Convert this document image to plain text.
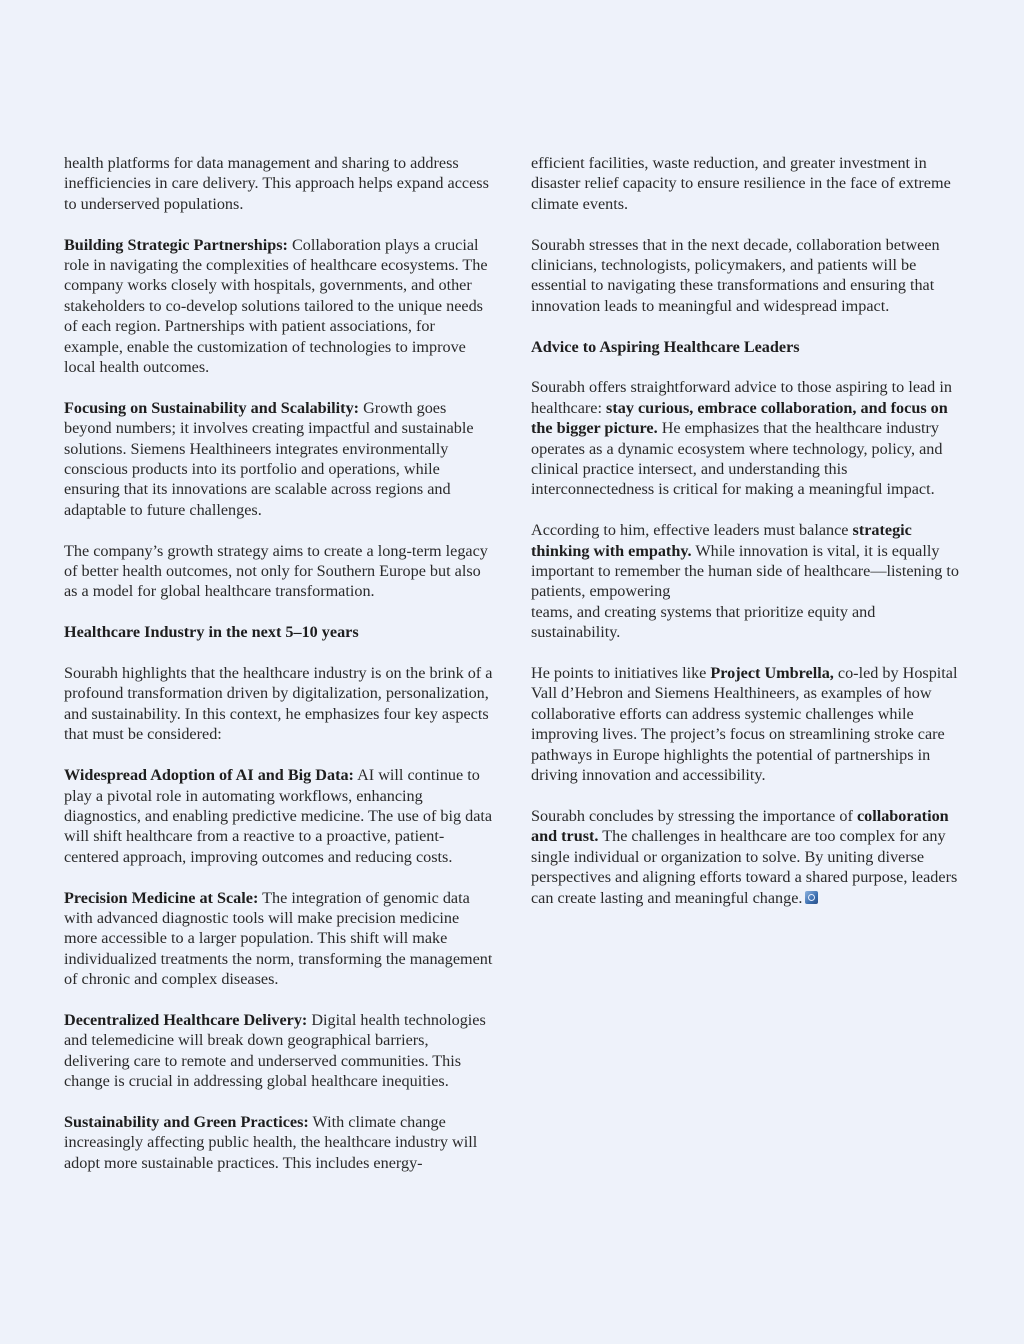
health platforms for data management and sharing to address inefficiencies in care delivery. This approach helps expand access to underserved populations.

Building Strategic Partnerships: Collaboration plays a crucial role in navigating the complexities of healthcare ecosystems. The company works closely with hospitals, governments, and other stakeholders to co-develop solutions tailored to the unique needs of each region. Partnerships with patient associations, for example, enable the customization of technologies to improve local health outcomes.

Focusing on Sustainability and Scalability: Growth goes beyond numbers; it involves creating impactful and sustainable solutions. Siemens Healthineers integrates environmentally conscious products into its portfolio and operations, while ensuring that its innovations are scalable across regions and adaptable to future challenges.

The company’s growth strategy aims to create a long-term legacy of better health outcomes, not only for Southern Europe but also as a model for global healthcare transformation.

Healthcare Industry in the next 5–10 years

Sourabh highlights that the healthcare industry is on the brink of a profound transformation driven by digitalization, personalization, and sustainability. In this context, he emphasizes four key aspects that must be considered:

Widespread Adoption of AI and Big Data: AI will continue to play a pivotal role in automating workflows, enhancing diagnostics, and enabling predictive medicine. The use of big data will shift healthcare from a reactive to a proactive, patient-centered approach, improving outcomes and reducing costs.

Precision Medicine at Scale: The integration of genomic data with advanced diagnostic tools will make precision medicine more accessible to a larger population. This shift will make individualized treatments the norm, transforming the management of chronic and complex diseases.

Decentralized Healthcare Delivery: Digital health technologies and telemedicine will break down geographical barriers, delivering care to remote and underserved communities. This change is crucial in addressing global healthcare inequities.

Sustainability and Green Practices: With climate change increasingly affecting public health, the healthcare industry will adopt more sustainable practices. This includes energy-

efficient facilities, waste reduction, and greater investment in disaster relief capacity to ensure resilience in the face of extreme climate events.

Sourabh stresses that in the next decade, collaboration between clinicians, technologists, policymakers, and patients will be essential to navigating these transformations and ensuring that innovation leads to meaningful and widespread impact.

Advice to Aspiring Healthcare Leaders

Sourabh offers straightforward advice to those aspiring to lead in healthcare: stay curious, embrace collaboration, and focus on the bigger picture. He emphasizes that the healthcare industry operates as a dynamic ecosystem where technology, policy, and clinical practice intersect, and understanding this interconnectedness is critical for making a meaningful impact.

According to him, effective leaders must balance strategic thinking with empathy. While innovation is vital, it is equally important to remember the human side of healthcare—listening to patients, empowering
teams, and creating systems that prioritize equity and sustainability.

He points to initiatives like Project Umbrella, co-led by Hospital Vall d’Hebron and Siemens Healthineers, as examples of how collaborative efforts can address systemic challenges while improving lives. The project’s focus on streamlining stroke care pathways in Europe highlights the potential of partnerships in driving innovation and accessibility.

Sourabh concludes by stressing the importance of collaboration and trust. The challenges in healthcare are too complex for any single individual or organization to solve. By uniting diverse perspectives and aligning efforts toward a shared purpose, leaders can create lasting and meaningful change.
